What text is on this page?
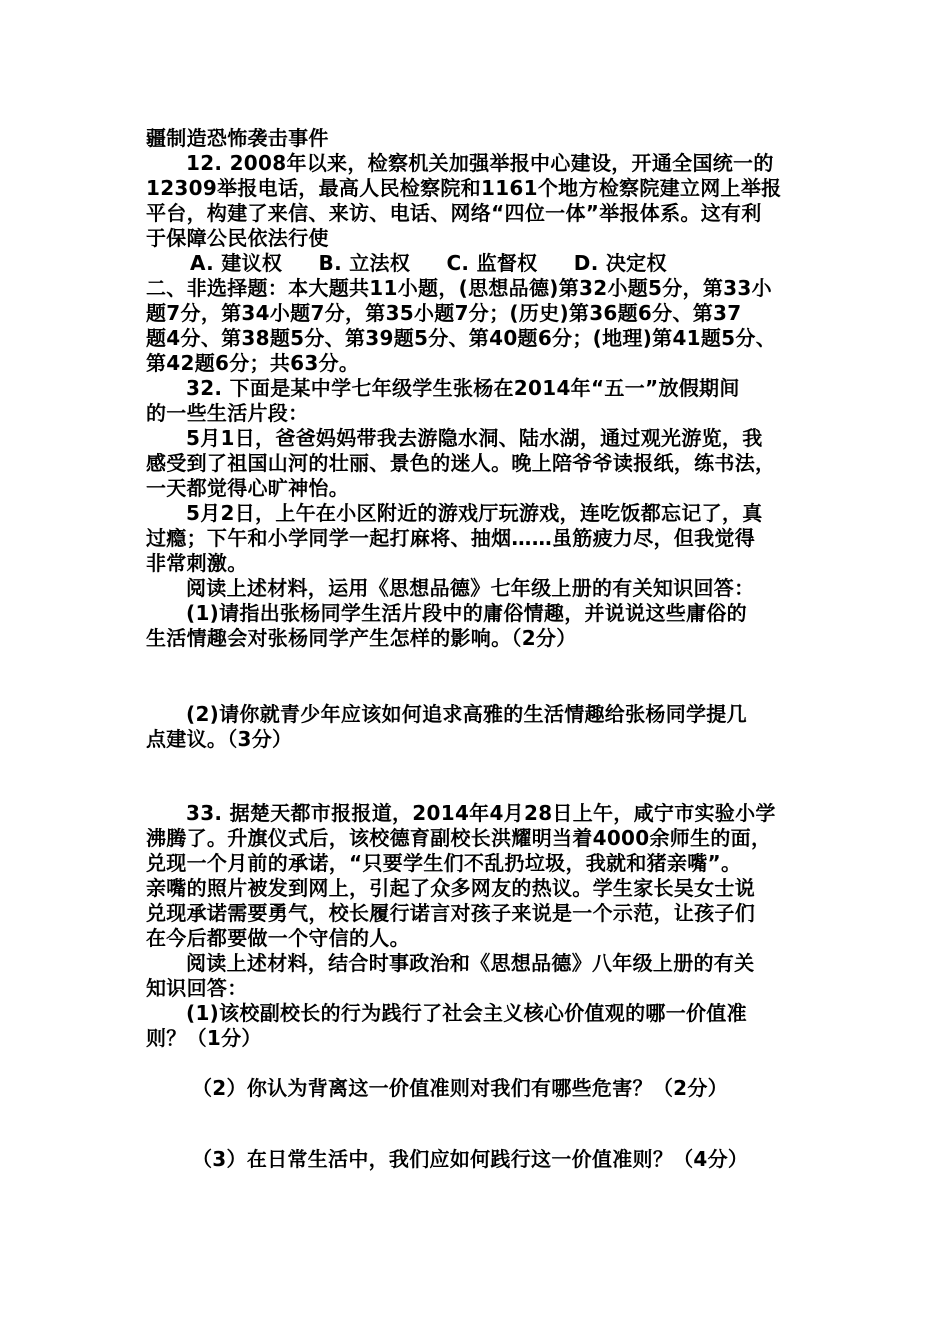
疆制造恐怖袭击事件
12. 2008年以来，检察机关加强举报中心建设，开通全国统一的
12309举报电话，最高人民检察院和1161个地方检察院建立网上举报
平台，构建了来信、来访、电话、网络“四位一体”举报体系。这有利
于保障公民依法行使
A. 建议权     B. 立法权     C. 监督权     D. 决定权
二、非选择题：本大题共11小题，(思想品德)第32小题5分，第33小
题7分，第34小题7分，第35小题7分；(历史)第36题6分、第37
题4分、第38题5分、第39题5分、第40题6分；(地理)第41题5分、
第42题6分；共63分。
32. 下面是某中学七年级学生张杨在2014年“五一”放假期间
的一些生活片段：
5月1日，爸爸妈妈带我去游隐水洞、陆水湖，通过观光游览，我
感受到了祖国山河的壮丽、景色的迷人。晚上陪爷爷读报纸，练书法，
一天都觉得心旷神怡。
5月2日，上午在小区附近的游戏厅玩游戏，连吃饭都忘记了，真
过瘾；下午和小学同学一起打麻将、抽烟……虽筋疲力尽，但我觉得
非常刺激。
阅读上述材料，运用《思想品德》七年级上册的有关知识回答：
(1)请指出张杨同学生活片段中的庸俗情趣，并说说这些庸俗的
生活情趣会对张杨同学产生怎样的影响。（2分）
(2)请你就青少年应该如何追求高雅的生活情趣给张杨同学提几
点建议。（3分）
33. 据楚天都市报报道，2014年4月28日上午，咸宁市实验小学
沸腾了。升旗仪式后，该校德育副校长洪耀明当着4000余师生的面，
兑现一个月前的承诺，“只要学生们不乱扔垃圾，我就和猪亲嘴”。
亲嘴的照片被发到网上，引起了众多网友的热议。学生家长吴女士说
兑现承诺需要勇气，校长履行诺言对孩子来说是一个示范，让孩子们
在今后都要做一个守信的人。
阅读上述材料，结合时事政治和《思想品德》八年级上册的有关
知识回答：
(1)该校副校长的行为践行了社会主义核心价值观的哪一价值准
则？（1分）
（2）你认为背离这一价值准则对我们有哪些危害？（2分）
（3）在日常生活中，我们应如何践行这一价值准则？（4分）
